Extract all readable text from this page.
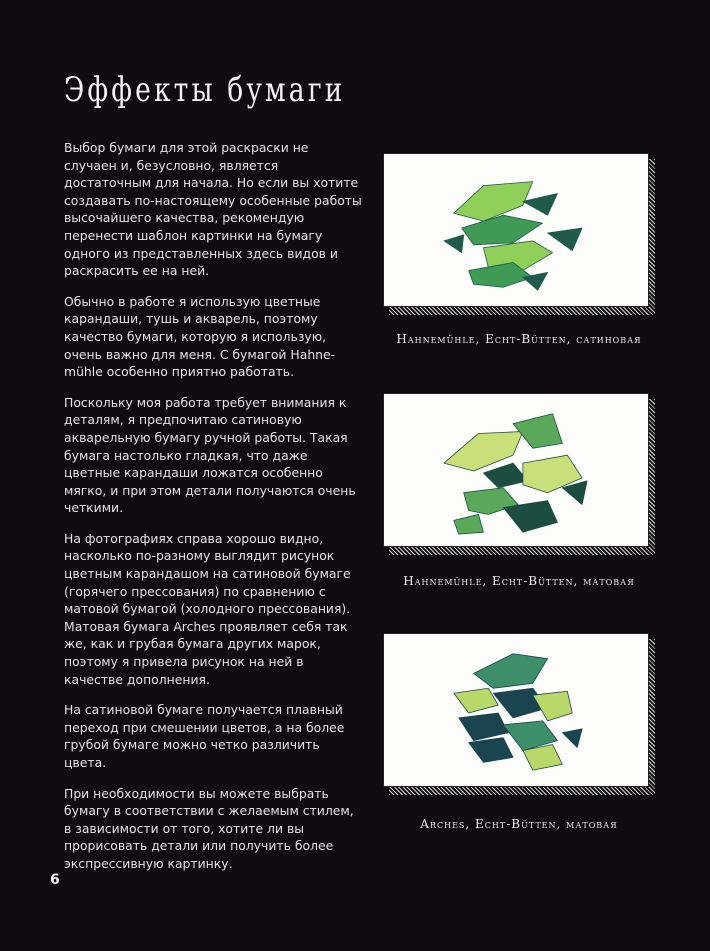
Эффекты бумаги

Выбор бумаги для этой раскраски не случаен и, безусловно, является достаточным для начала. Но если вы хотите создавать по-настоящему особенные работы высочайшего качества, рекомендую перенести шаблон картинки на бумагу одного из представленных здесь видов и раскрасить ее на ней.

Обычно в работе я использую цветные карандаши, тушь и акварель, поэтому качество бумаги, которую я использую, очень важно для меня. С бумагой Hahne-mühle особенно приятно работать.

Поскольку моя работа требует внимания к деталям, я предпочитаю сатиновую акварельную бумагу ручной работы. Такая бумага настолько гладкая, что даже цветные карандаши ложатся особенно мягко, и при этом детали получаются очень четкими.

На фотографиях справа хорошо видно, насколько по-разному выглядит рисунок цветным карандашом на сатиновой бумаге (горячего прессования) по сравнению с матовой бумагой (холодного прессования). Матовая бумага Arches проявляет себя так же, как и грубая бумага других марок, поэтому я привела рисунок на ней в качестве дополнения.

На сатиновой бумаге получается плавный переход при смешении цветов, а на более грубой бумаге можно четко различить цвета.

При необходимости вы можете выбрать бумагу в соответствии с желаемым стилем, в зависимости от того, хотите ли вы прорисовать детали или получить более экспрессивную картинку.

6
Hahnemühle, Echt-Bütten, сатиновая
Hahnemühle, Echt-Bütten, матовая
Arches, Echt-Bütten, матовая
